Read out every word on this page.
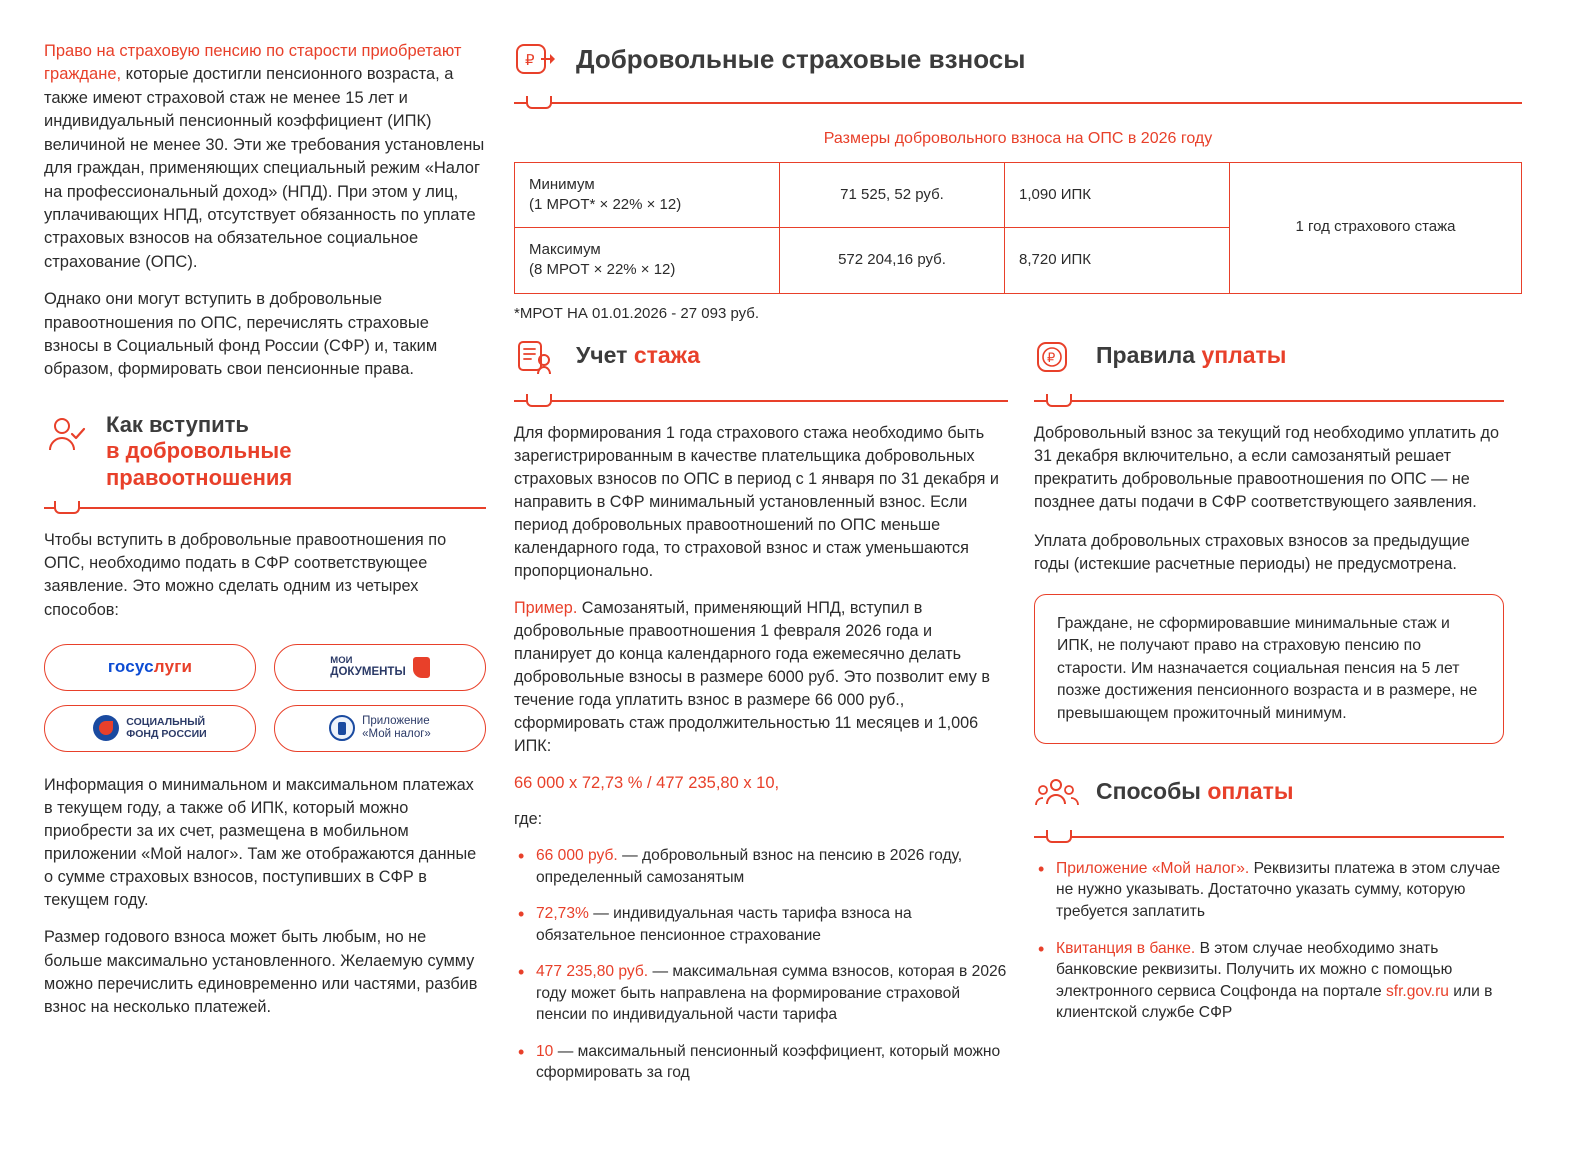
Право на страховую пенсию по старости приобретают граждане, которые достигли пенсионного возраста, а также имеют страховой стаж не менее 15 лет и индивидуальный пенсионный коэффициент (ИПК) величиной не менее 30. Эти же требования установлены для граждан, применяющих специальный режим «Налог на профессиональный доход» (НПД). При этом у лиц, уплачивающих НПД, отсутствует обязанность по уплате страховых взносов на обязательное социальное страхование (ОПС).

Однако они могут вступить в добровольные правоотношения по ОПС, перечислять страховые взносы в Социальный фонд России (СФР) и, таким образом, формировать свои пенсионные права.

Как вступить
в добровольные
правоотношения

Чтобы вступить в добровольные правоотношения по ОПС, необходимо подать в СФР соответствующее заявление. Это можно сделать одним из четырех способов:

госуслуги	МОИ
ДОКУМЕНТЫ
СОЦИАЛЬНЫЙ
ФОНД РОССИИ
Приложение
«Мой налог»

Информация о минимальном и максимальном платежах в текущем году, а также об ИПК, который можно приобрести за их счет, размещена в мобильном приложении «Мой налог». Там же отображаются данные о сумме страховых взносов, поступивших в СФР в текущем году.

Размер годового взноса может быть любым, но не больше максимально установленного. Желаемую сумму можно перечислить единовременно или частями, разбив взнос на несколько платежей.

₽ Добровольные страховые взносы
Размеры добровольного взноса на ОПС в 2026 году
Минимум
(1 МРОТ* × 22% × 12)	71 525, 52 руб.	1,090 ИПК	1 год страхового стажа

Максимум
(8 МРОТ × 22% × 12)	572 204,16 руб.	8,720 ИПК	
*МРОТ НА 01.01.2026 - 27 093 руб.
Учет стажа

Для формирования 1 года страхового стажа необходимо быть зарегистрированным в качестве плательщика добровольных страховых взносов по ОПС в период с 1 января по 31 декабря и направить в СФР минимальный установленный взнос. Если период добровольных правоотношений по ОПС меньше календарного года, то страховой взнос и стаж уменьшаются пропорционально.

Пример. Самозанятый, применяющий НПД, вступил в добровольные правоотношения 1 февраля 2026 года и планирует до конца календарного года ежемесячно делать добровольные взносы в размере 6000 руб. Это позволит ему в течение года уплатить взнос в размере 66 000 руб., сформировать стаж продолжительностью 11 месяцев и 1,006 ИПК:

66 000 х 72,73 % / 477 235,80 х 10,

где:

• 66 000 руб. — добровольный взнос на пенсию в 2026 году, определенный самозанятым
• 72,73% — индивидуальная часть тарифа взноса на обязательное пенсионное страхование
• 477 235,80 руб. — максимальная сумма взносов, которая в 2026 году может быть направлена на формирование страховой пенсии по индивидуальной части тарифа
• 10 — максимальный пенсионный коэффициент, который можно сформировать за год
₽ Правила уплаты

Добровольный взнос за текущий год необходимо уплатить до 31 декабря включительно, а если самозанятый решает прекратить добровольные правоотношения по ОПС — не позднее даты подачи в СФР соответствующего заявления.

Уплата добровольных страховых взносов за предыдущие годы (истекшие расчетные периоды) не предусмотрена.

Граждане, не сформировавшие минимальные стаж и ИПК, не получают право на страховую пенсию по старости. Им назначается социальная пенсия на 5 лет позже достижения пенсионного возраста и в размере, не превышающем прожиточный минимум.
Способы оплаты
• Приложение «Мой налог». Реквизиты платежа в этом случае не нужно указывать. Достаточно указать сумму, которую требуется заплатить
• Квитанция в банке. В этом случае необходимо знать банковские реквизиты. Получить их можно с помощью электронного сервиса Соцфонда на портале sfr.gov.ru или в клиентской службе СФР
